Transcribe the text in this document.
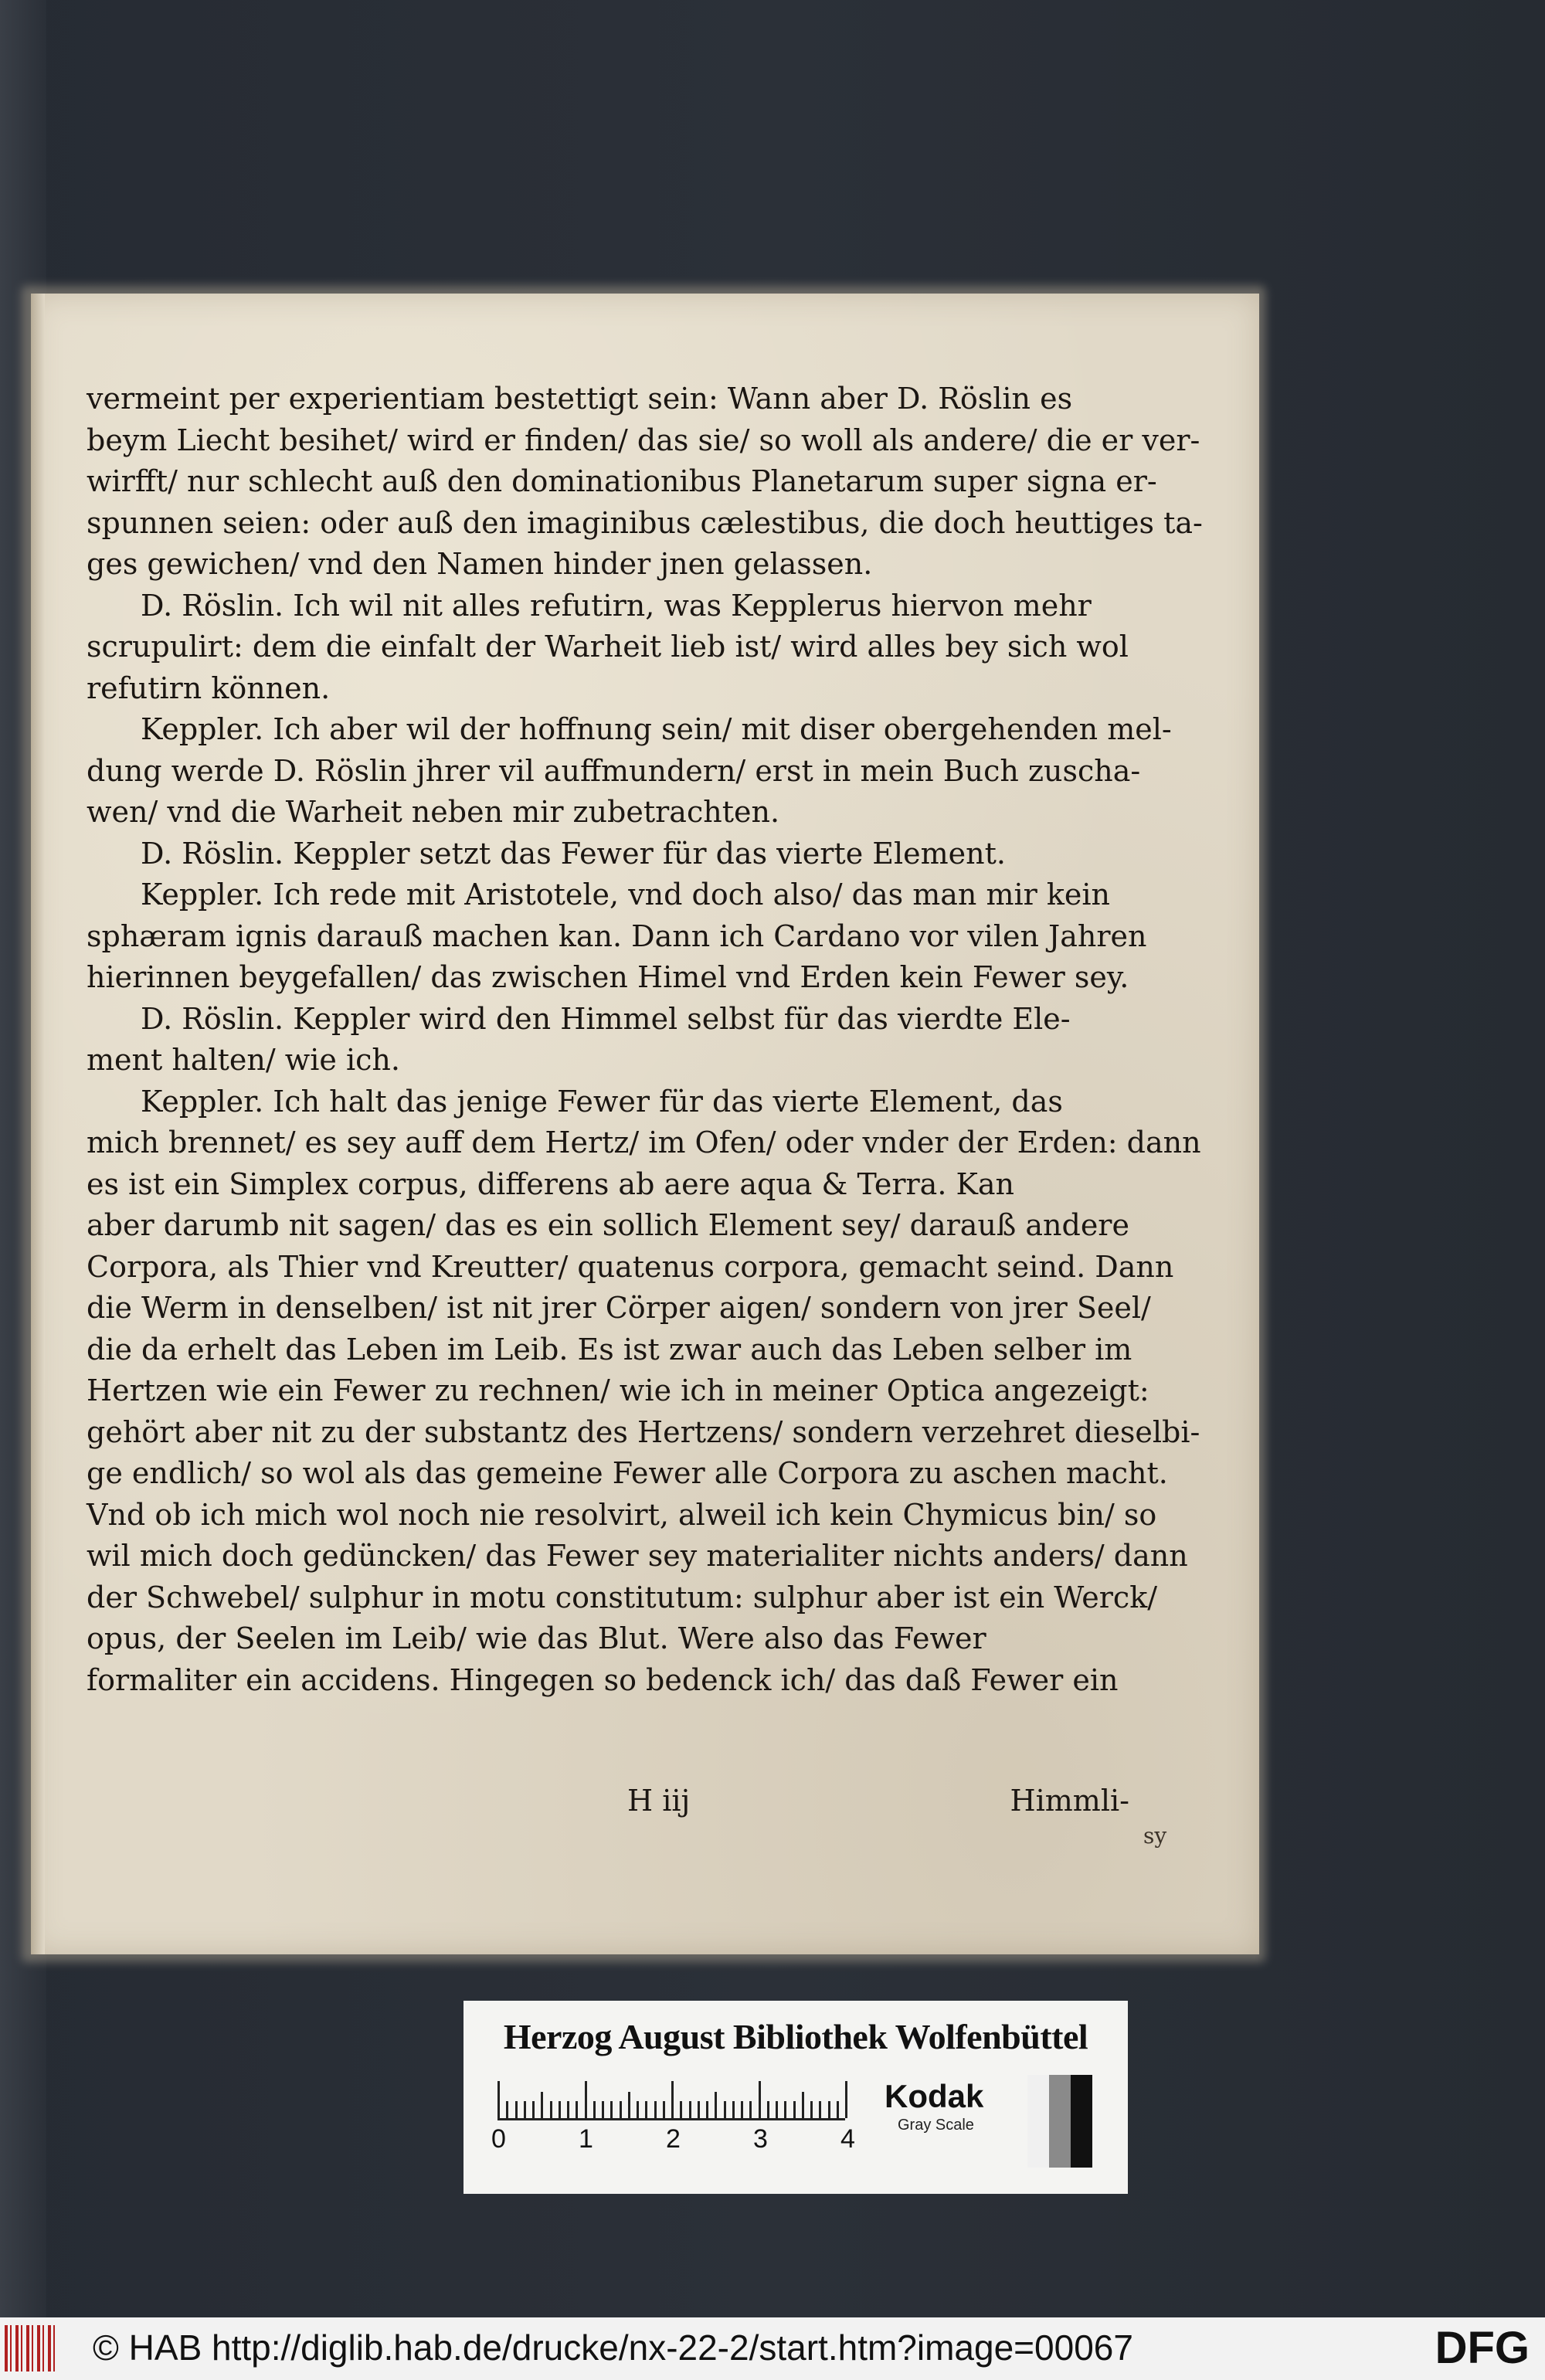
vermeint per experientiam bestettigt sein: Wann aber D. Röslin es
beym Liecht besihet/ wird er finden/ das sie/ so woll als andere/ die er ver-
wirfft/ nur schlecht auß den dominationibus Planetarum super signa er-
spunnen seien: oder auß den imaginibus cælestibus, die doch heuttiges ta-
ges gewichen/ vnd den Namen hinder jnen gelassen.
D. Röslin. Ich wil nit alles refutirn, was Kepplerus hiervon mehr
scrupulirt: dem die einfalt der Warheit lieb ist/ wird alles bey sich wol
refutirn können.
Keppler. Ich aber wil der hoffnung sein/ mit diser obergehenden mel-
dung werde D. Röslin jhrer vil auffmundern/ erst in mein Buch zuscha-
wen/ vnd die Warheit neben mir zubetrachten.
D. Röslin. Keppler setzt das Fewer für das vierte Element.
Keppler. Ich rede mit Aristotele, vnd doch also/ das man mir kein
sphæram ignis darauß machen kan. Dann ich Cardano vor vilen Jahren
hierinnen beygefallen/ das zwischen Himel vnd Erden kein Fewer sey.
D. Röslin. Keppler wird den Himmel selbst für das vierdte Ele-
ment halten/ wie ich.
Keppler. Ich halt das jenige Fewer für das vierte Element, das
mich brennet/ es sey auff dem Hertz/ im Ofen/ oder vnder der Erden: dann
es ist ein Simplex corpus, differens ab aere aqua & Terra. Kan
aber darumb nit sagen/ das es ein sollich Element sey/ darauß andere
Corpora, als Thier vnd Kreutter/ quatenus corpora, gemacht seind. Dann
die Werm in denselben/ ist nit jrer Cörper aigen/ sondern von jrer Seel/
die da erhelt das Leben im Leib. Es ist zwar auch das Leben selber im
Hertzen wie ein Fewer zu rechnen/ wie ich in meiner Optica angezeigt:
gehört aber nit zu der substantz des Hertzens/ sondern verzehret dieselbi-
ge endlich/ so wol als das gemeine Fewer alle Corpora zu aschen macht.
Vnd ob ich mich wol noch nie resolvirt, alweil ich kein Chymicus bin/ so
wil mich doch gedüncken/ das Fewer sey materialiter nichts anders/ dann
der Schwebel/ sulphur in motu constitutum: sulphur aber ist ein Werck/
opus, der Seelen im Leib/ wie das Blut. Were also das Fewer
formaliter ein accidens. Hingegen so bedenck ich/ das daß Fewer ein
H iij	Himmli-
sy
Herzog August Bibliothek Wolfenbüttel
Kodak
Gray Scale
0	1	2	3	4
© HAB http://diglib.hab.de/drucke/nx-22-2/start.htm?image=00067	DFG
